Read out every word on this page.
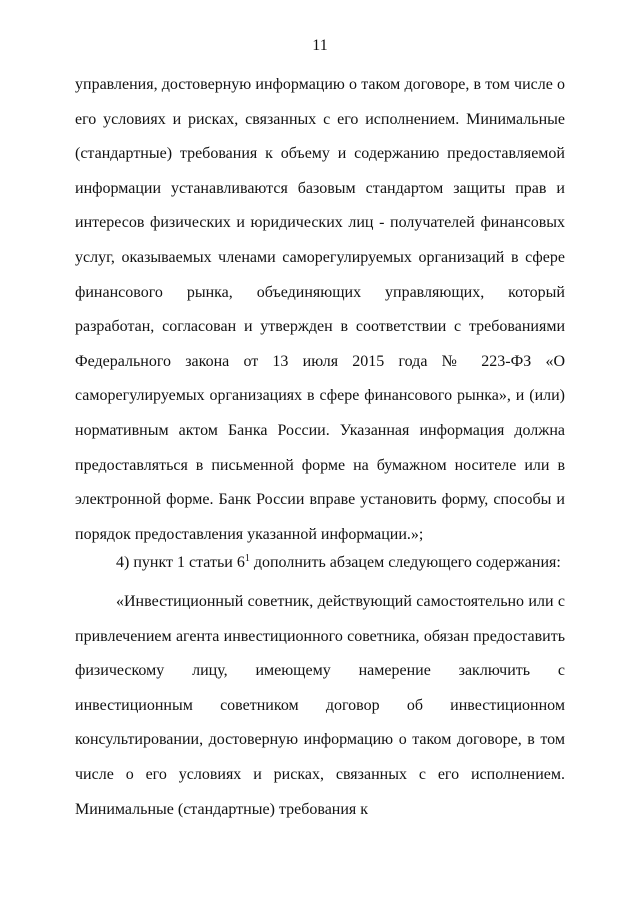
11

управления, достоверную информацию о таком договоре, в том числе о его условиях и рисках, связанных с его исполнением. Минимальные (стандартные) требования к объему и содержанию предоставляемой информации устанавливаются базовым стандартом защиты прав и интересов физических и юридических лиц - получателей финансовых услуг, оказываемых членами саморегулируемых организаций в сфере финансового рынка, объединяющих управляющих, который разработан, согласован и утвержден в соответствии с требованиями Федерального закона от 13 июля 2015 года № 223-ФЗ «О саморегулируемых организациях в сфере финансового рынка», и (или) нормативным актом Банка России. Указанная информация должна предоставляться в письменной форме на бумажном носителе или в электронной форме. Банк России вправе установить форму, способы и порядок предоставления указанной информации.»;

4) пункт 1 статьи $6^1$ дополнить абзацем следующего содержания:

«Инвестиционный советник, действующий самостоятельно или с привлечением агента инвестиционного советника, обязан предоставить физическому лицу, имеющему намерение заключить с инвестиционным советником договор об инвестиционном консультировании, достоверную информацию о таком договоре, в том числе о его условиях и рисках, связанных с его исполнением. Минимальные (стандартные) требования к
